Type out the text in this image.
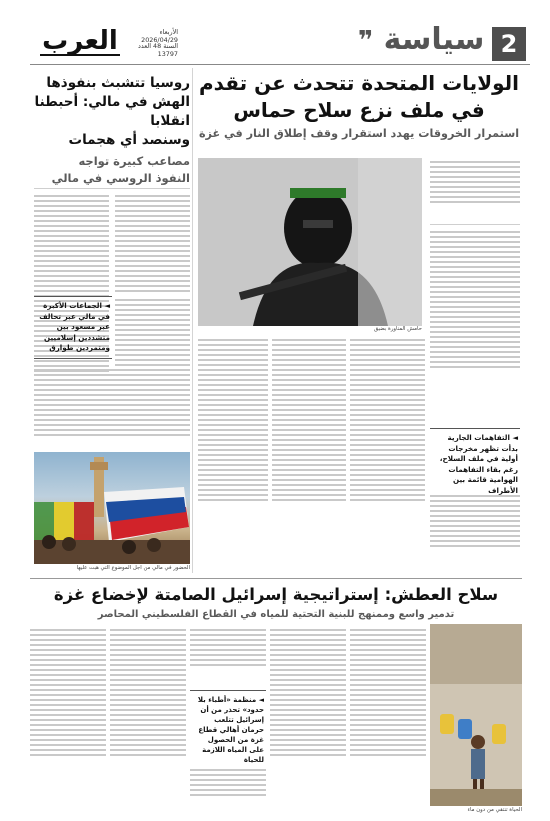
2
سياسة
❞
العرب	الأربعاء 2026/04/29
السنة 48 العدد 13797
روسيا تتشبث بنفوذها
الهش في مالي: أحبطنا انقلابا
وسنصد أي هجمات
مصاعب كبيرة تواجه
النفوذ الروسي في مالي
◄ الجماعات الأكبرة في مالي عبر تحالف عبر مسعود بين متشددين إسلاميين ومتمردين طوارق
الحضور في مالي من اجل الموضوع التي هبت عليها
الولايات المتحدة تتحدث عن تقدم
في ملف نزع سلاح حماس
استمرار الخروقات يهدد استقرار وقف إطلاق النار في غزة
حامش المناورة بضيق
◄ التفاهمات الجارية بدأت تظهر مخرجات أولية في ملف السلاح، رغم بقاء التفاهمات الهوامية قائمة بين الأطراف
سلاح العطش: إستراتيجية إسرائيل الصامتة لإخضاع غزة
تدمير واسع وممنهج للبنية التحتية للمياه في القطاع الفلسطيني المحاصر
الحياة تنتقي من دون ماء
◄ منظمة «أطباء بلا حدود» تحذر من أن إسرائيل تتلعب حرمان أهالي قطاع غزة من الحصول على المياه اللازمة للحياة
